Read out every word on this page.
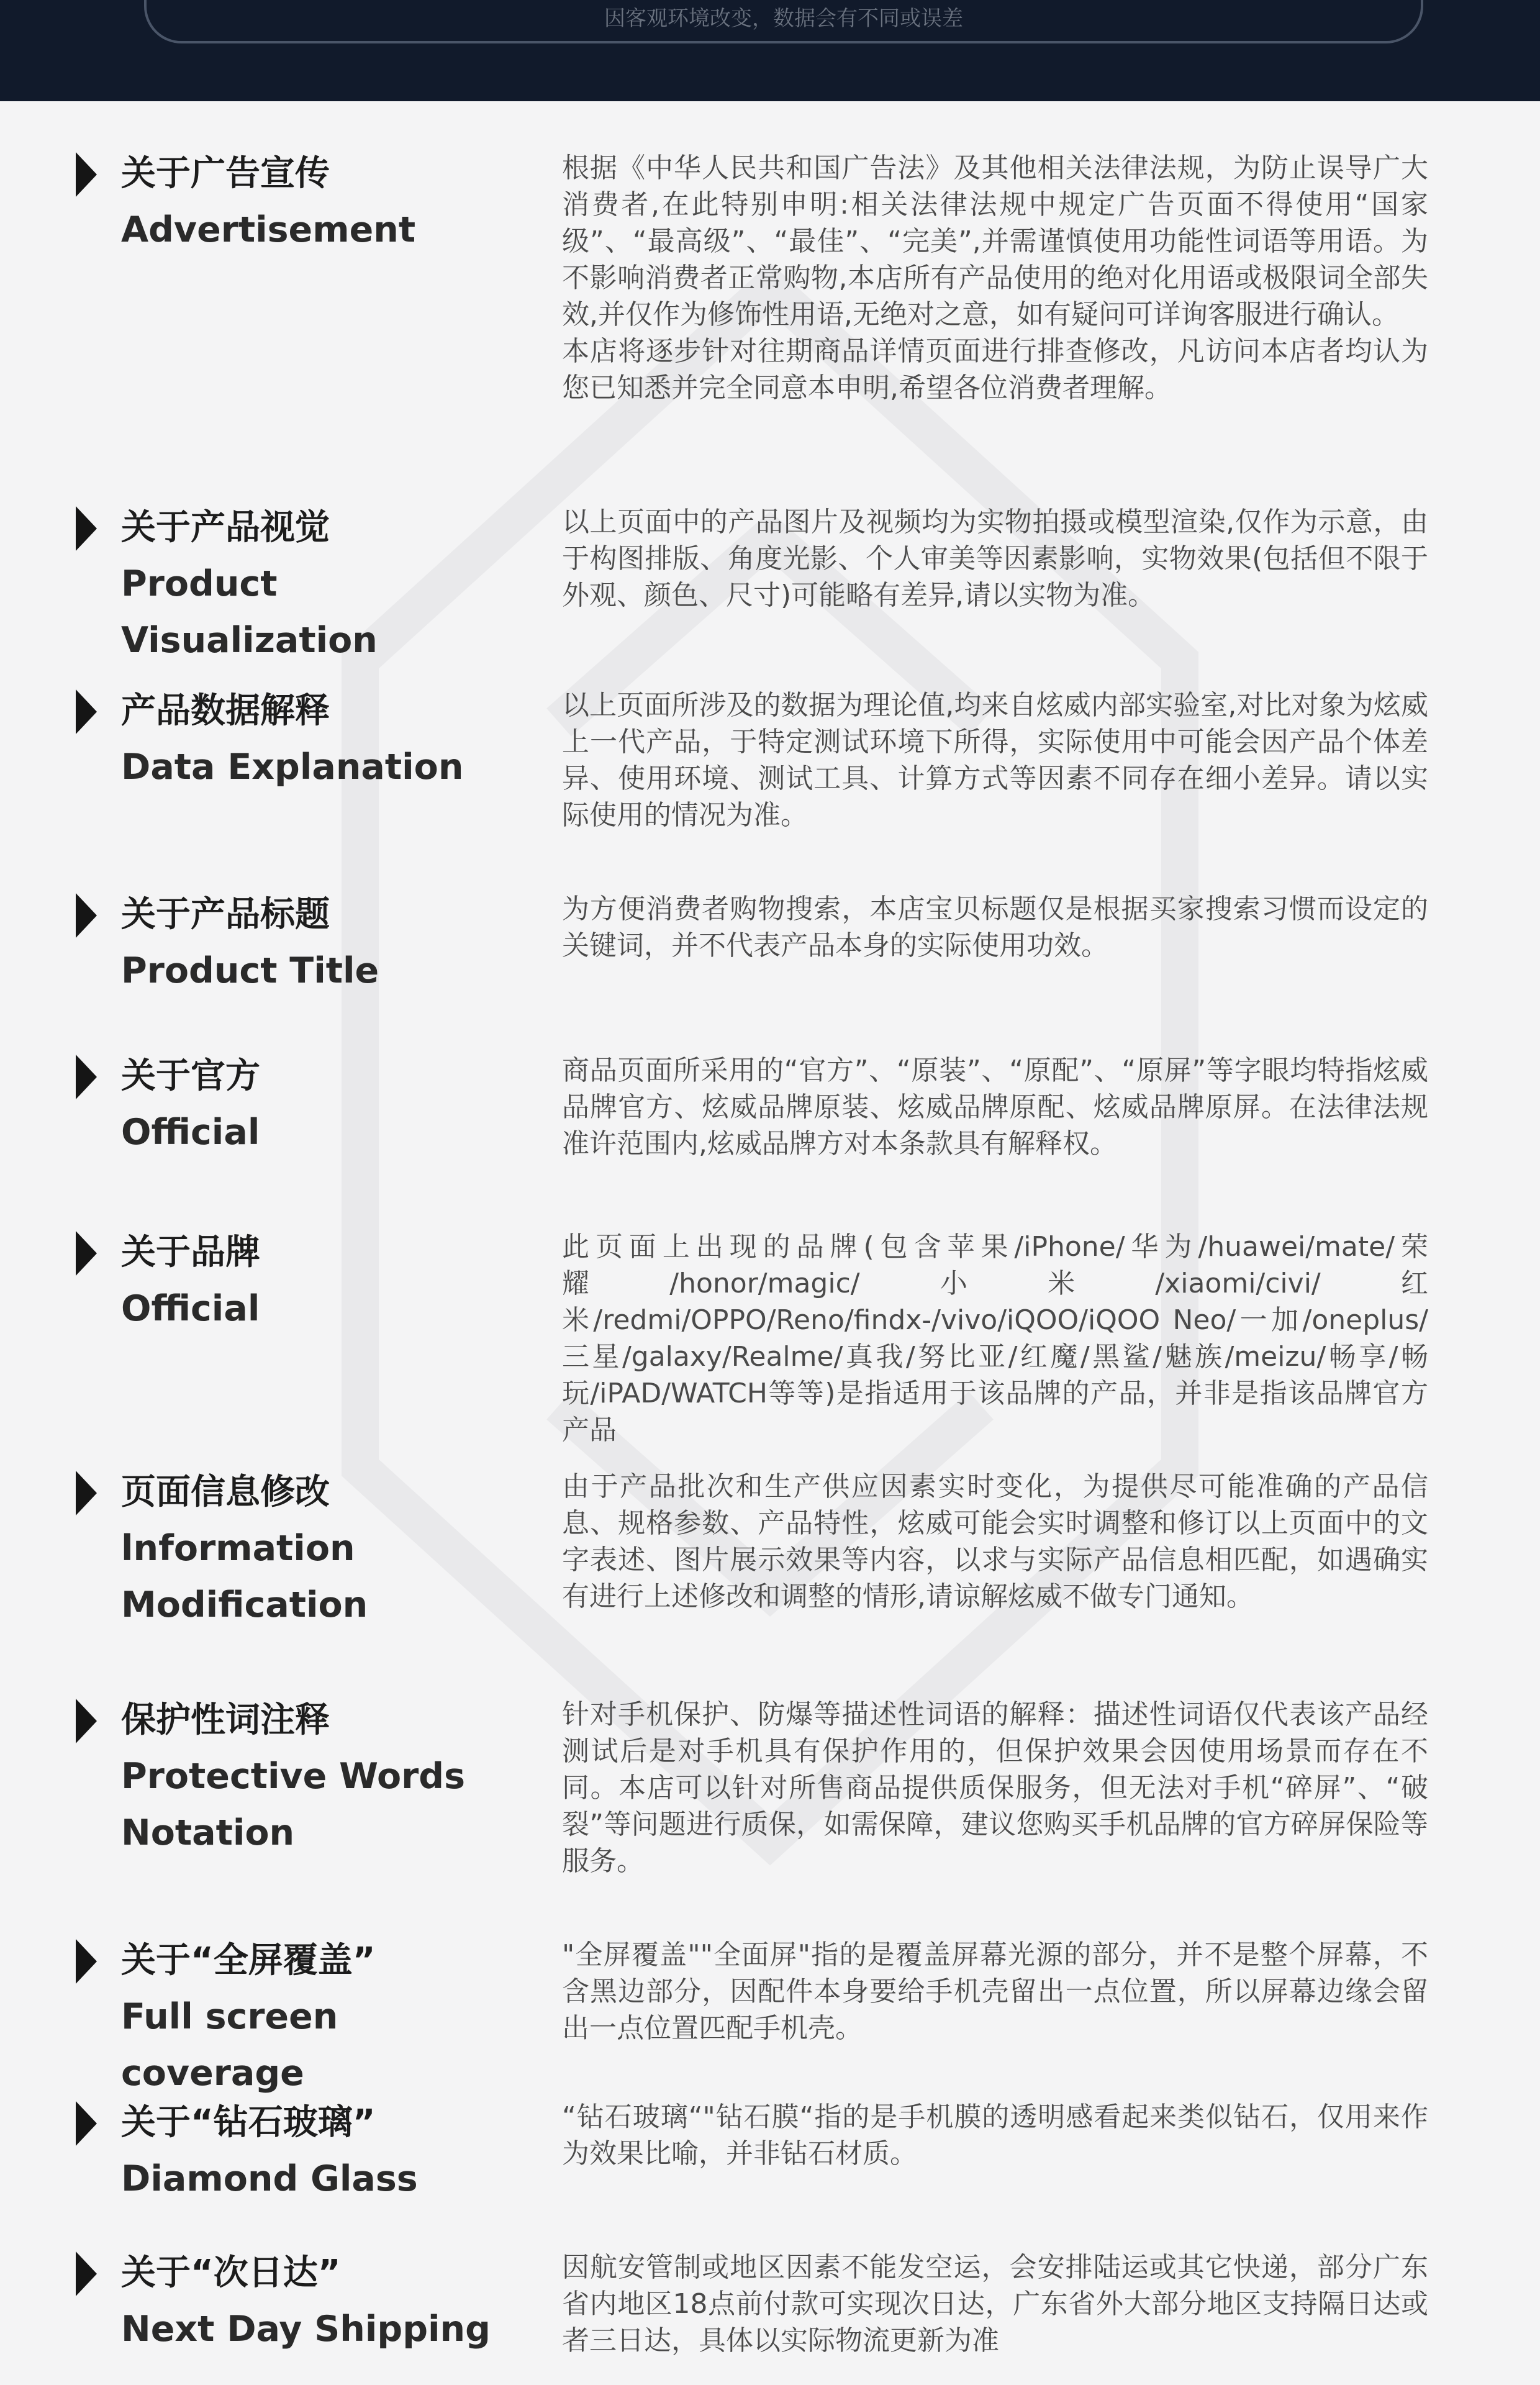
因客观环境改变，数据会有不同或误差
关于广告宣传
Advertisement
根据《中华人民共和国广告法》及其他相关法律法规，为防止误导广大消费者,在此特别申明:相关法律法规中规定广告页面不得使用“国家级”、“最高级”、“最佳”、“完美”,并需谨慎使用功能性词语等用语。为不影响消费者正常购物,本店所有产品使用的绝对化用语或极限词全部失效,并仅作为修饰性用语,无绝对之意，如有疑问可详询客服进行确认。
本店将逐步针对往期商品详情页面进行排查修改，凡访问本店者均认为您已知悉并完全同意本申明,希望各位消费者理解。
关于产品视觉
Product Visualization
以上页面中的产品图片及视频均为实物拍摄或模型渲染,仅作为示意，由于构图排版、角度光影、个人审美等因素影响，实物效果(包括但不限于外观、颜色、尺寸)可能略有差异,请以实物为准。
产品数据解释
Data Explanation
以上页面所涉及的数据为理论值,均来自炫威内部实验室,对比对象为炫威上一代产品，于特定测试环境下所得，实际使用中可能会因产品个体差异、使用环境、测试工具、计算方式等因素不同存在细小差异。请以实际使用的情况为准。
关于产品标题
Product Title
为方便消费者购物搜索，本店宝贝标题仅是根据买家搜索习惯而设定的关键词，并不代表产品本身的实际使用功效。
关于官方
Official
商品页面所采用的“官方”、“原装”、“原配”、“原屏”等字眼均特指炫威品牌官方、炫威品牌原装、炫威品牌原配、炫威品牌原屏。在法律法规准许范围内,炫威品牌方对本条款具有解释权。
关于品牌
Official
此页面上出现的品牌(包含苹果/iPhone/华为/huawei/mate/荣耀/honor/magic/小米/xiaomi/civi/红米/redmi/OPPO/Reno/findx-/vivo/iQOO/iQOO Neo/一加/oneplus/三星/galaxy/Realme/真我/努比亚/红魔/黑鲨/魅族/meizu/畅享/畅玩/iPAD/WATCH等等)是指适用于该品牌的产品，并非是指该品牌官方产品
页面信息修改
lnformation Modification
由于产品批次和生产供应因素实时变化，为提供尽可能准确的产品信息、规格参数、产品特性，炫威可能会实时调整和修订以上页面中的文字表述、图片展示效果等内容，以求与实际产品信息相匹配，如遇确实有进行上述修改和调整的情形,请谅解炫威不做专门通知。
保护性词注释
Protective Words Notation
针对手机保护、防爆等描述性词语的解释：描述性词语仅代表该产品经测试后是对手机具有保护作用的，但保护效果会因使用场景而存在不同。本店可以针对所售商品提供质保服务，但无法对手机“碎屏”、“破裂”等问题进行质保，如需保障，建议您购买手机品牌的官方碎屏保险等服务。
关于“全屏覆盖”
Full screen coverage
"全屏覆盖""全面屏"指的是覆盖屏幕光源的部分，并不是整个屏幕，不含黑边部分，因配件本身要给手机壳留出一点位置，所以屏幕边缘会留出一点位置匹配手机壳。
关于“钻石玻璃”
Diamond Glass
“钻石玻璃“"钻石膜“指的是手机膜的透明感看起来类似钻石，仅用来作为效果比喻，并非钻石材质。
关于“次日达”
Next Day Shipping
因航安管制或地区因素不能发空运，会安排陆运或其它快递，部分广东省内地区18点前付款可实现次日达，广东省外大部分地区支持隔日达或者三日达，具体以实际物流更新为准
